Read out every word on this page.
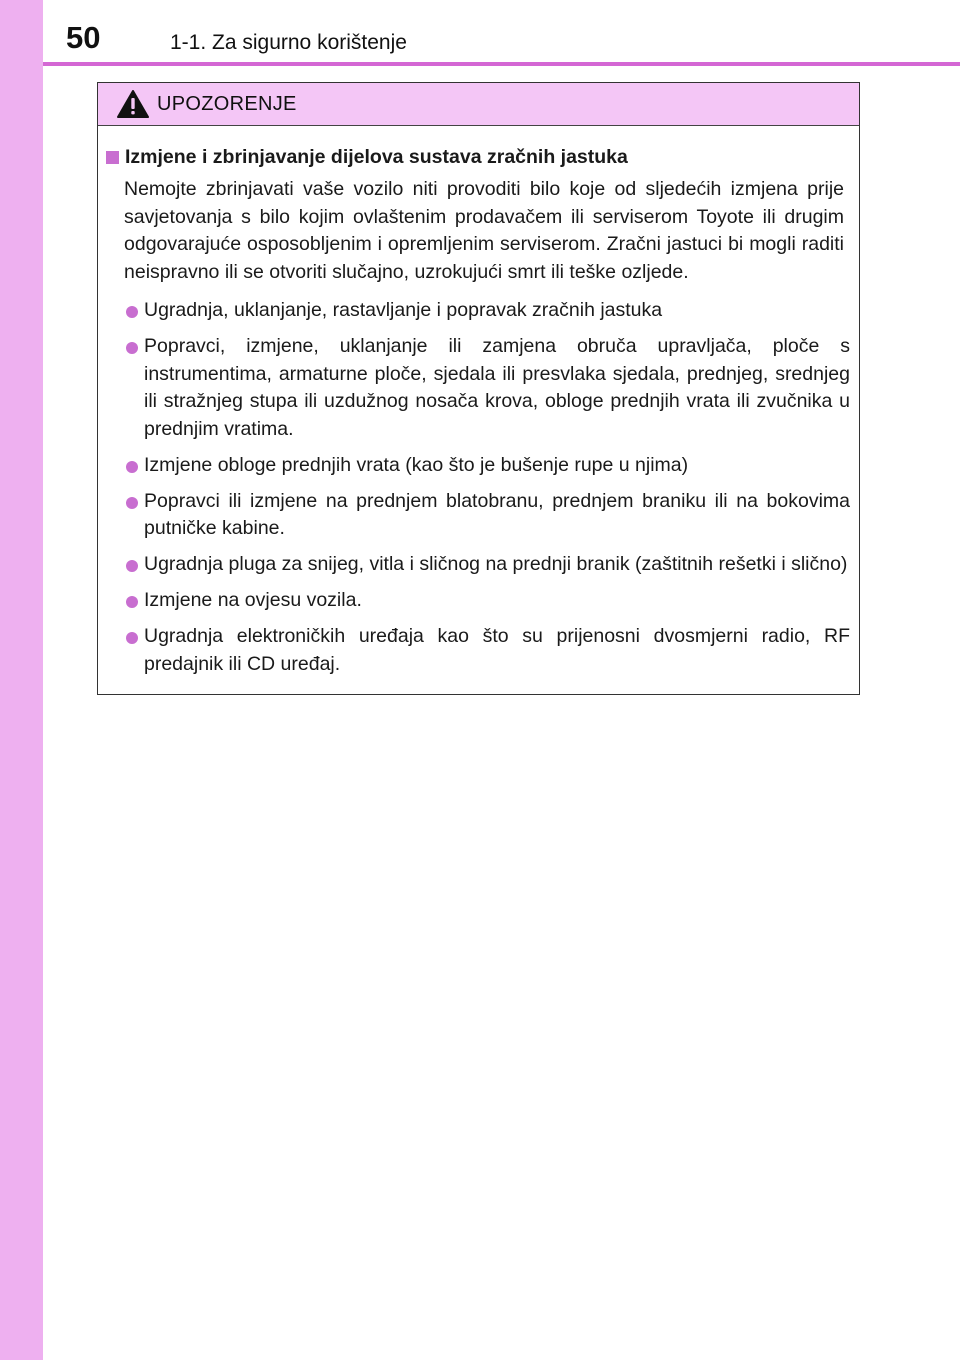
50	1-1. Za sigurno korištenje
UPOZORENJE
Izmjene i zbrinjavanje dijelova sustava zračnih jastuka

Nemojte zbrinjavati vaše vozilo niti provoditi bilo koje od sljedećih izmjena prije savjetovanja s bilo kojim ovlaštenim prodavačem ili serviserom Toyote ili drugim odgovarajuće osposobljenim i opremljenim serviserom. Zračni jastuci bi mogli raditi neispravno ili se otvoriti slučajno, uzrokujući smrt ili teške ozljede.

Ugradnja, uklanjanje, rastavljanje i popravak zračnih jastuka
Popravci, izmjene, uklanjanje ili zamjena obruča upravljača, ploče s instrumentima, armaturne ploče, sjedala ili presvlaka sjedala, prednjeg, srednjeg ili stražnjeg stupa ili uzdužnog nosača krova, obloge prednjih vrata ili zvučnika u prednjim vratima.
Izmjene obloge prednjih vrata (kao što je bušenje rupe u njima)
Popravci ili izmjene na prednjem blatobranu, prednjem braniku ili na bokovima putničke kabine.
Ugradnja pluga za snijeg, vitla i sličnog na prednji branik (zaštitnih rešetki i slično)
Izmjene na ovjesu vozila.
Ugradnja elektroničkih uređaja kao što su prijenosni dvosmjerni radio, RF predajnik ili CD uređaj.
